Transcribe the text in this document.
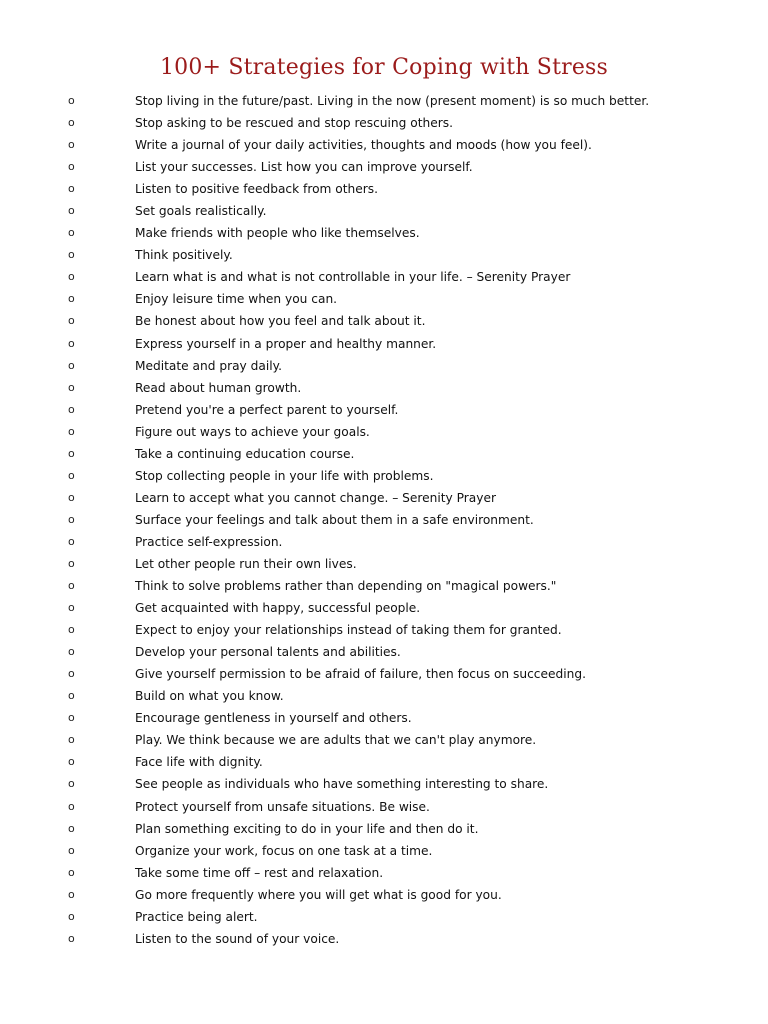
100+ Strategies for Coping with Stress
o	Stop living in the future/past. Living in the now (present moment) is so much better.
o	Stop asking to be rescued and stop rescuing others.
o	Write a journal of your daily activities, thoughts and moods (how you feel).
o	List your successes. List how you can improve yourself.
o	Listen to positive feedback from others.
o	Set goals realistically.
o	Make friends with people who like themselves.
o	Think positively.
o	Learn what is and what is not controllable in your life. – Serenity Prayer
o	Enjoy leisure time when you can.
o	Be honest about how you feel and talk about it.
o	Express yourself in a proper and healthy manner.
o	Meditate and pray daily.
o	Read about human growth.
o	Pretend you're a perfect parent to yourself.
o	Figure out ways to achieve your goals.
o	Take a continuing education course.
o	Stop collecting people in your life with problems.
o	Learn to accept what you cannot change. – Serenity Prayer
o	Surface your feelings and talk about them in a safe environment.
o	Practice self-expression.
o	Let other people run their own lives.
o	Think to solve problems rather than depending on "magical powers."
o	Get acquainted with happy, successful people.
o	Expect to enjoy your relationships instead of taking them for granted.
o	Develop your personal talents and abilities.
o	Give yourself permission to be afraid of failure, then focus on succeeding.
o	Build on what you know.
o	Encourage gentleness in yourself and others.
o	Play. We think because we are adults that we can't play anymore.
o	Face life with dignity.
o	See people as individuals who have something interesting to share.
o	Protect yourself from unsafe situations. Be wise.
o	Plan something exciting to do in your life and then do it.
o	Organize your work, focus on one task at a time.
o	Take some time off – rest and relaxation.
o	Go more frequently where you will get what is good for you.
o	Practice being alert.
o	Listen to the sound of your voice.
